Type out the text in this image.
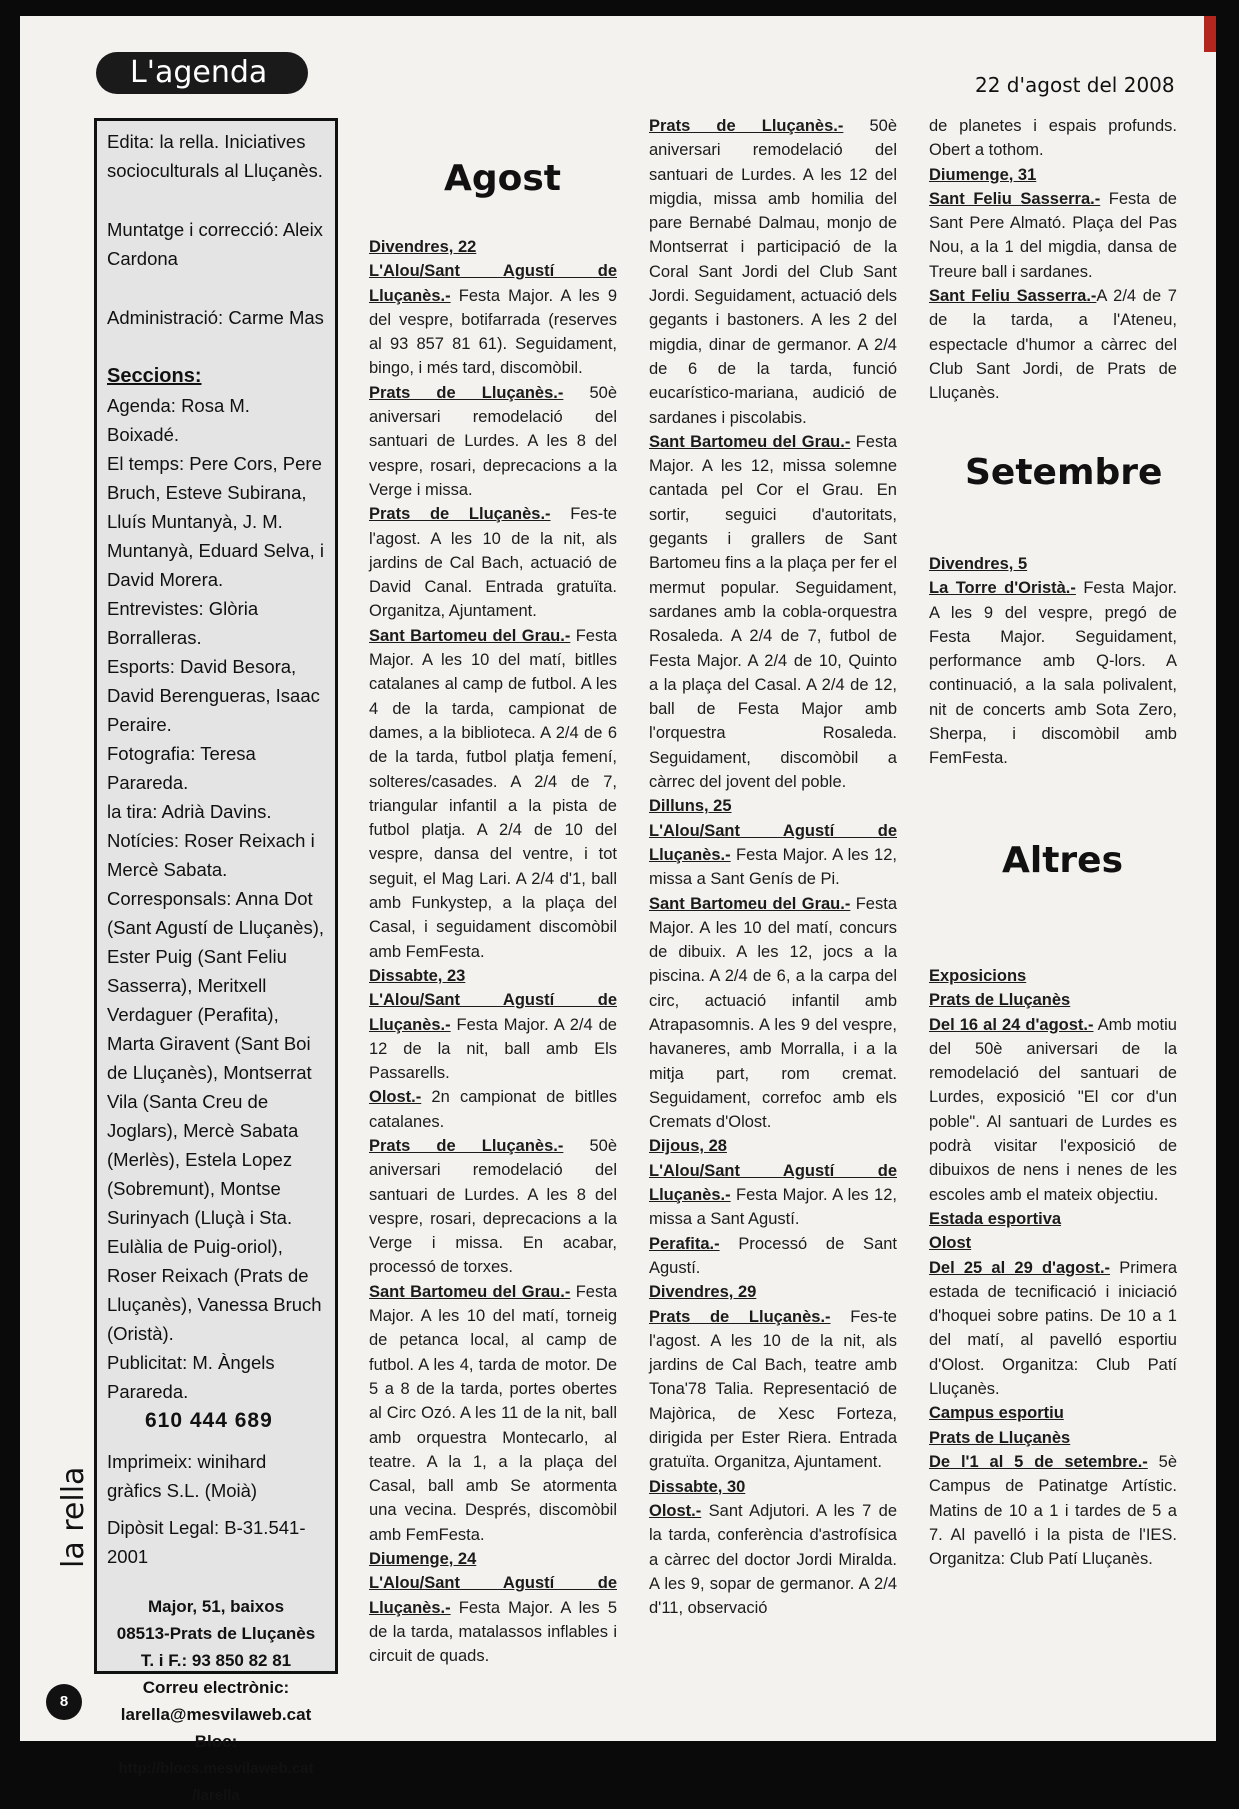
L'agenda	22 d'agost del 2008

Edita: la rella. Iniciatives socioculturals al Lluçanès.

Muntatge i correcció: Aleix Cardona

Administració: Carme Mas

Seccions:

Agenda: Rosa M. Boixadé.

El temps: Pere Cors, Pere Bruch, Esteve Subirana, Lluís Muntanyà, J. M. Muntanyà, Eduard Selva, i David Morera.

Entrevistes: Glòria Borralleras.

Esports: David Besora, David Berengueras, Isaac Peraire.

Fotografia: Teresa Parareda.

la tira: Adrià Davins.

Notícies: Roser Reixach i Mercè Sabata.

Corresponsals: Anna Dot (Sant Agustí de Lluçanès), Ester Puig (Sant Feliu Sasserra), Meritxell Verdaguer (Perafita), Marta Giravent (Sant Boi de Lluçanès), Montserrat Vila (Santa Creu de Joglars), Mercè Sabata (Merlès), Estela Lopez (Sobremunt), Montse Surinyach (Lluçà i Sta. Eulàlia de Puig-oriol), Roser Reixach (Prats de Lluçanès), Vanessa Bruch (Oristà).

Publicitat: M. Àngels Parareda.

610 444 689

Imprimeix: winihard gràfics S.L. (Moià)

Dipòsit Legal: B-31.541-2001

Major, 51, baixos

08513-Prats de Lluçanès

T. i F.: 93 850 82 81

Correu electrònic:

larella@mesvilaweb.cat

Bloc:

http://blocs.mesvilaweb.cat

/larella

Agost
Setembre
Altres

Divendres, 22

L'Alou/Sant Agustí de Lluçanès.- Festa Major. A les 9 del vespre, botifarrada (reserves al 93 857 81 61). Seguidament, bingo, i més tard, discomòbil.

Prats de Lluçanès.- 50è aniversari remodelació del santuari de Lurdes. A les 8 del vespre, rosari, deprecacions a la Verge i missa.

Prats de Lluçanès.- Fes-te l'agost. A les 10 de la nit, als jardins de Cal Bach, actuació de David Canal. Entrada gratuïta. Organitza, Ajuntament.

Sant Bartomeu del Grau.- Festa Major. A les 10 del matí, bitlles catalanes al camp de futbol. A les 4 de la tarda, campionat de dames, a la biblioteca. A 2/4 de 6 de la tarda, futbol platja femení, solteres/casades. A 2/4 de 7, triangular infantil a la pista de futbol platja. A 2/4 de 10 del vespre, dansa del ventre, i tot seguit, el Mag Lari. A 2/4 d'1, ball amb Funkystep, a la plaça del Casal, i seguidament discomòbil amb FemFesta.

Dissabte, 23

L'Alou/Sant Agustí de Lluçanès.- Festa Major. A 2/4 de 12 de la nit, ball amb Els Passarells.

Olost.- 2n campionat de bitlles catalanes.

Prats de Lluçanès.- 50è aniversari remodelació del santuari de Lurdes. A les 8 del vespre, rosari, deprecacions a la Verge i missa. En acabar, processó de torxes.

Sant Bartomeu del Grau.- Festa Major. A les 10 del matí, torneig de petanca local, al camp de futbol. A les 4, tarda de motor. De 5 a 8 de la tarda, portes obertes al Circ Ozó. A les 11 de la nit, ball amb orquestra Montecarlo, al teatre. A la 1, a la plaça del Casal, ball amb Se atormenta una vecina. Després, discomòbil amb FemFesta.

Diumenge, 24

L'Alou/Sant Agustí de Lluçanès.- Festa Major. A les 5 de la tarda, matalassos inflables i circuit de quads.

Prats de Lluçanès.- 50è aniversari remodelació del santuari de Lurdes. A les 12 del migdia, missa amb homilia del pare Bernabé Dalmau, monjo de Montserrat i participació de la Coral Sant Jordi del Club Sant Jordi. Seguidament, actuació dels gegants i bastoners. A les 2 del migdia, dinar de germanor. A 2/4 de 6 de la tarda, funció eucarístico-mariana, audició de sardanes i piscolabis.

Sant Bartomeu del Grau.- Festa Major. A les 12, missa solemne cantada pel Cor el Grau. En sortir, seguici d'autoritats, gegants i grallers de Sant Bartomeu fins a la plaça per fer el mermut popular. Seguidament, sardanes amb la cobla-orquestra Rosaleda. A 2/4 de 7, futbol de Festa Major. A 2/4 de 10, Quinto a la plaça del Casal. A 2/4 de 12, ball de Festa Major amb l'orquestra Rosaleda. Seguidament, discomòbil a càrrec del jovent del poble.

Dilluns, 25

L'Alou/Sant Agustí de Lluçanès.- Festa Major. A les 12, missa a Sant Genís de Pi.

Sant Bartomeu del Grau.- Festa Major. A les 10 del matí, concurs de dibuix. A les 12, jocs a la piscina. A 2/4 de 6, a la carpa del circ, actuació infantil amb Atrapasomnis. A les 9 del vespre, havaneres, amb Morralla, i a la mitja part, rom cremat. Seguidament, correfoc amb els Cremats d'Olost.

Dijous, 28

L'Alou/Sant Agustí de Lluçanès.- Festa Major. A les 12, missa a Sant Agustí.

Perafita.- Processó de Sant Agustí.

Divendres, 29

Prats de Lluçanès.- Fes-te l'agost. A les 10 de la nit, als jardins de Cal Bach, teatre amb Tona'78 Talia. Representació de Majòrica, de Xesc Forteza, dirigida per Ester Riera. Entrada gratuïta. Organitza, Ajuntament.

Dissabte, 30

Olost.- Sant Adjutori. A les 7 de la tarda, conferència d'astrofísica a càrrec del doctor Jordi Miralda. A les 9, sopar de germanor. A 2/4 d'11, observació

de planetes i espais profunds. Obert a tothom.

Diumenge, 31

Sant Feliu Sasserra.- Festa de Sant Pere Almató. Plaça del Pas Nou, a la 1 del migdia, dansa de Treure ball i sardanes.

Sant Feliu Sasserra.-A 2/4 de 7 de la tarda, a l'Ateneu, espectacle d'humor a càrrec del Club Sant Jordi, de Prats de Lluçanès.

Divendres, 5

La Torre d'Oristà.- Festa Major. A les 9 del vespre, pregó de Festa Major. Seguidament, performance amb Q-lors. A continuació, a la sala polivalent, nit de concerts amb Sota Zero, Sherpa, i discomòbil amb FemFesta.

Exposicions

Prats de Lluçanès

Del 16 al 24 d'agost.- Amb motiu del 50è aniversari de la remodelació del santuari de Lurdes, exposició "El cor d'un poble". Al santuari de Lurdes es podrà visitar l'exposició de dibuixos de nens i nenes de les escoles amb el mateix objectiu.

Estada esportiva

Olost

Del 25 al 29 d'agost.- Primera estada de tecnificació i iniciació d'hoquei sobre patins. De 10 a 1 del matí, al pavelló esportiu d'Olost. Organitza: Club Patí Lluçanès.

Campus esportiu

Prats de Lluçanès

De l'1 al 5 de setembre.- 5è Campus de Patinatge Artístic. Matins de 10 a 1 i tardes de 5 a 7. Al pavelló i la pista de l'IES. Organitza: Club Patí Lluçanès.

la rella
8
